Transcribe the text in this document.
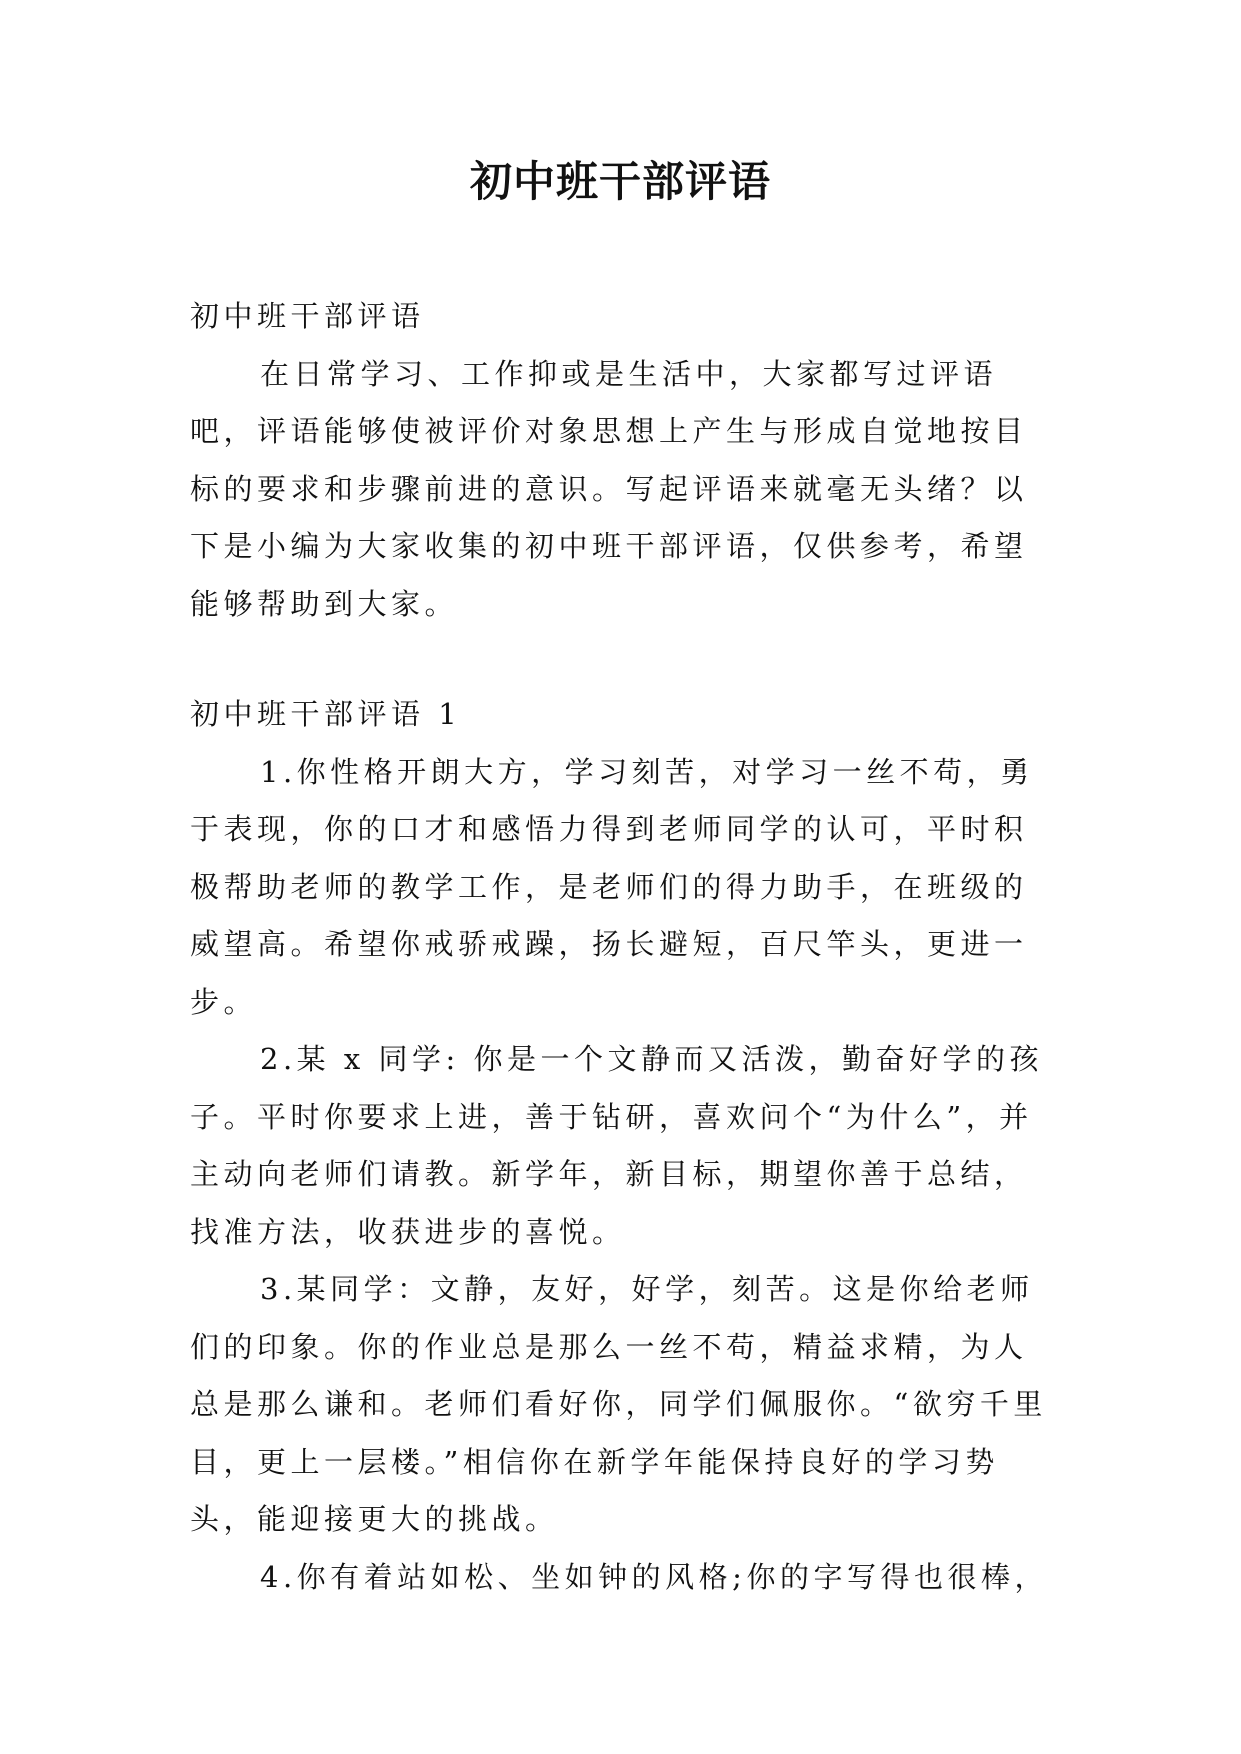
初中班干部评语

初中班干部评语

在日常学习、工作抑或是生活中，大家都写过评语吧，评语能够使被评价对象思想上产生与形成自觉地按目标的要求和步骤前进的意识。写起评语来就毫无头绪？以下是小编为大家收集的初中班干部评语，仅供参考，希望能够帮助到大家。

初中班干部评语 1

1.你性格开朗大方，学习刻苦，对学习一丝不苟，勇于表现，你的口才和感悟力得到老师同学的认可，平时积极帮助老师的教学工作，是老师们的得力助手，在班级的威望高。希望你戒骄戒躁，扬长避短，百尺竿头，更进一步。

2.某 x 同学: 你是一个文静而又活泼，勤奋好学的孩子。平时你要求上进，善于钻研，喜欢问个“为什么”，并主动向老师们请教。新学年，新目标，期望你善于总结，找准方法，收获进步的喜悦。

3.某同学：文静，友好，好学，刻苦。这是你给老师们的印象。你的作业总是那么一丝不苟，精益求精，为人总是那么谦和。老师们看好你，同学们佩服你。“欲穷千里目，更上一层楼。”相信你在新学年能保持良好的学习势头，能迎接更大的挑战。

4.你有着站如松、坐如钟的风格;你的字写得也很棒，
